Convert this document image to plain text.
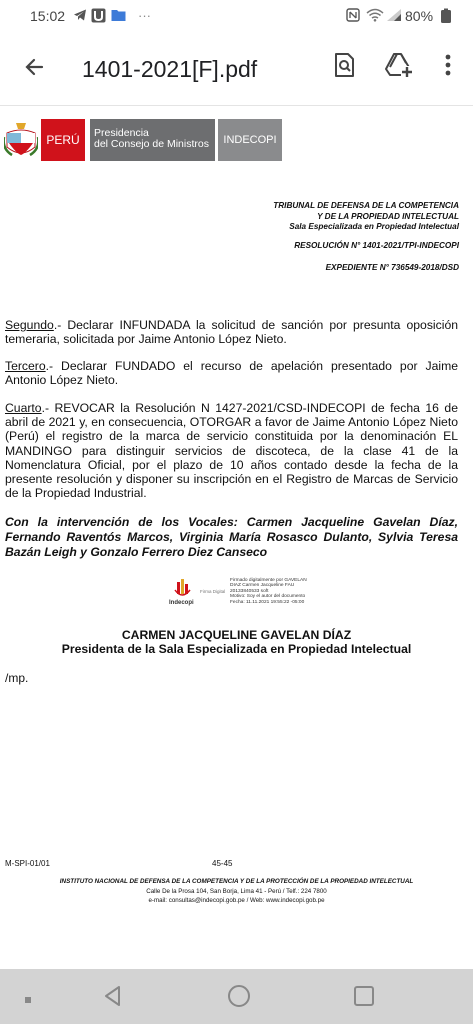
15:02	···	80%
1401-2021[F].pdf
PERÚ	Presidencia
del Consejo de Ministros	INDECOPI
TRIBUNAL DE DEFENSA DE LA COMPETENCIA
Y DE LA PROPIEDAD INTELECTUAL
Sala Especializada en Propiedad Intelectual
RESOLUCIÓN N° 1401-2021/TPI-INDECOPI
EXPEDIENTE N° 736549-2018/DSD
Segundo.- Declarar INFUNDADA la solicitud de sanción por presunta oposición temeraria, solicitada por Jaime Antonio López Nieto.
Tercero.- Declarar FUNDADO el recurso de apelación presentado por Jaime Antonio López Nieto.
Cuarto.- REVOCAR la Resolución N 1427-2021/CSD-INDECOPI de fecha 16 de abril de 2021 y, en consecuencia, OTORGAR a favor de Jaime Antonio López Nieto (Perú) el registro de la marca de servicio constituida por la denominación EL MANDINGO para distinguir servicios de discoteca, de la clase 41 de la Nomenclatura Oficial, por el plazo de 10 años contado desde la fecha de la presente resolución y disponer su inscripción en el Registro de Marcas de Servicio de la Propiedad Industrial.
Con la intervención de los Vocales: Carmen Jacqueline Gavelan Díaz, Fernando Raventós Marcos, Virginia María Rosasco Dulanto, Sylvia Teresa Bazán Leigh y Gonzalo Ferrero Diez Canseco
Indecopi
Firma Digital
Firmado digitalmente por GAVELAN
DIAZ Carmen Jacqueline FAU
20133840533 soft
Motivo: Soy el autor del documento
Fecha: 11.11.2021 19:55:22 -05:00
CARMEN JACQUELINE GAVELAN DÍAZ
Presidenta de la Sala Especializada en Propiedad Intelectual
/mp.
M-SPI-01/01	45-45
INSTITUTO NACIONAL DE DEFENSA DE LA COMPETENCIA Y DE LA PROTECCIÓN DE LA PROPIEDAD INTELECTUAL
Calle De la Prosa 104, San Borja, Lima 41 - Perú / Telf.: 224 7800
e-mail: consultas@indecopi.gob.pe / Web: www.indecopi.gob.pe
